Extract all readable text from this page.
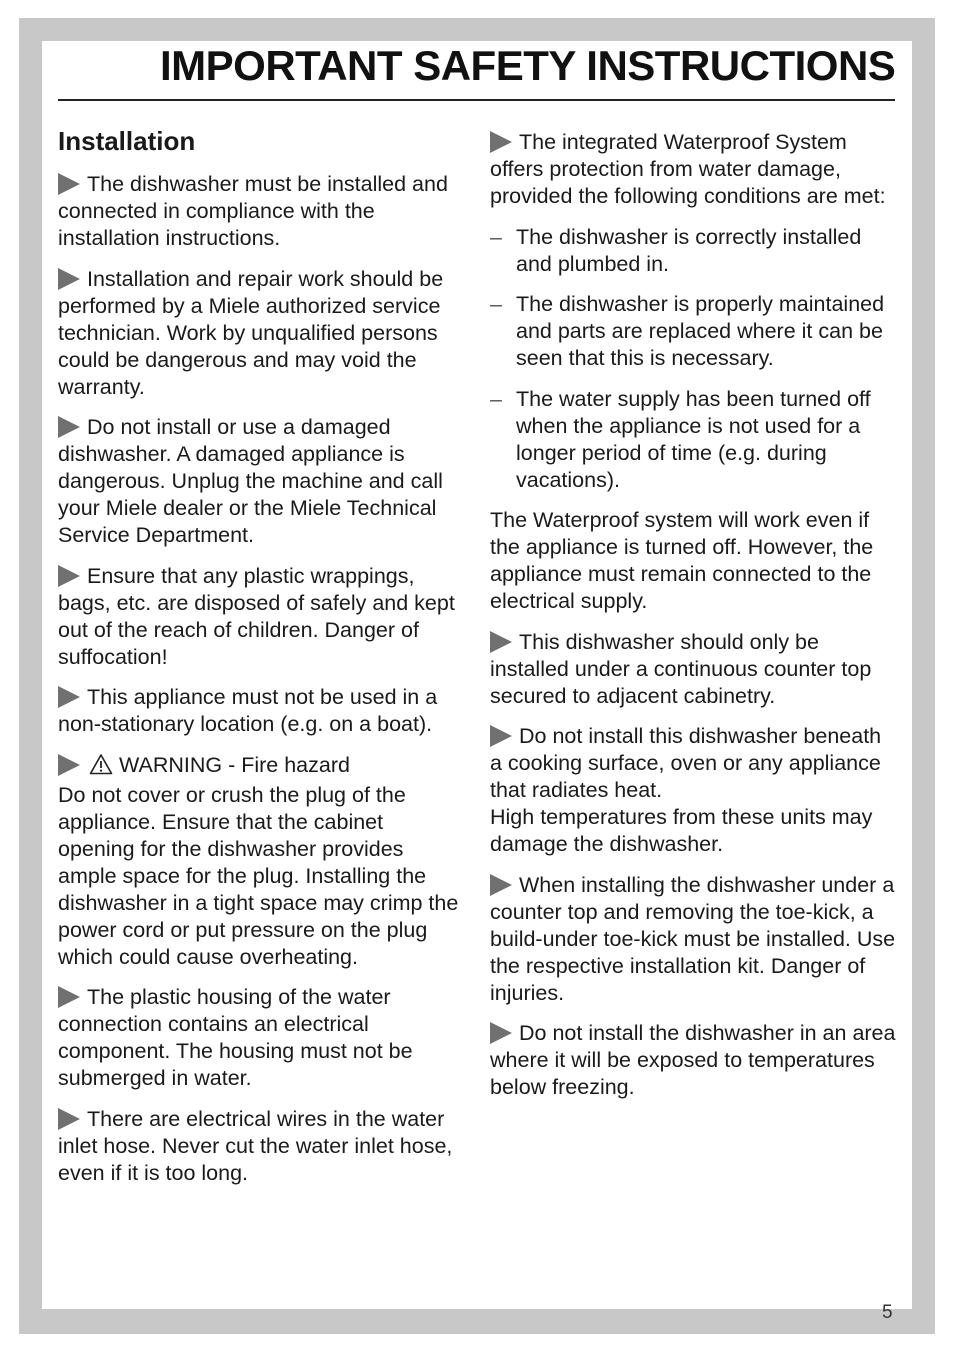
IMPORTANT SAFETY INSTRUCTIONS
Installation

The dishwasher must be installed and connected in compliance with the installation instructions.

Installation and repair work should be performed by a Miele authorized service technician. Work by unqualified persons could be dangerous and may void the warranty.

Do not install or use a damaged dishwasher. A damaged appliance is dangerous. Unplug the machine and call your Miele dealer or the Miele Technical Service Department.

Ensure that any plastic wrappings, bags, etc. are disposed of safely and kept out of the reach of children. Danger of suffocation!

This appliance must not be used in a non-stationary location (e.g. on a boat).

WARNING - Fire hazard
Do not cover or crush the plug of the appliance. Ensure that the cabinet opening for the dishwasher provides ample space for the plug. Installing the dishwasher in a tight space may crimp the power cord or put pressure on the plug which could cause overheating.

The plastic housing of the water connection contains an electrical component. The housing must not be submerged in water.

There are electrical wires in the water inlet hose. Never cut the water inlet hose, even if it is too long.

The integrated Waterproof System offers protection from water damage, provided the following conditions are met:

– The dishwasher is correctly installed and plumbed in.
– The dishwasher is properly maintained and parts are replaced where it can be seen that this is necessary.
– The water supply has been turned off when the appliance is not used for a longer period of time (e.g. during vacations).

The Waterproof system will work even if the appliance is turned off. However, the appliance must remain connected to the electrical supply.

This dishwasher should only be installed under a continuous counter top secured to adjacent cabinetry.

Do not install this dishwasher beneath a cooking surface, oven or any appliance that radiates heat.
High temperatures from these units may damage the dishwasher.

When installing the dishwasher under a counter top and removing the toe-kick, a build-under toe-kick must be installed. Use the respective installation kit. Danger of injuries.

Do not install the dishwasher in an area where it will be exposed to temperatures below freezing.

5
